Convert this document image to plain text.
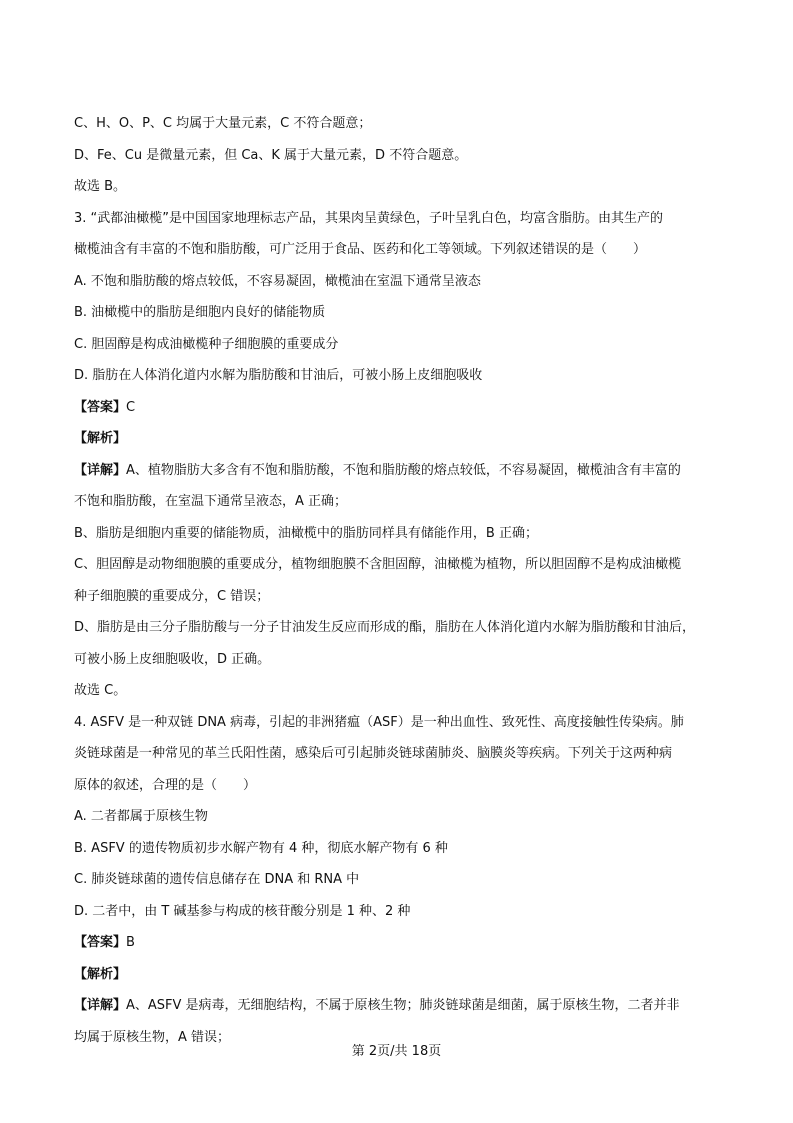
C、H、O、P、C 均属于大量元素，C 不符合题意；
D、Fe、Cu 是微量元素，但 Ca、K 属于大量元素，D 不符合题意。
故选 B。
3. “武都油橄榄”是中国国家地理标志产品，其果肉呈黄绿色，子叶呈乳白色，均富含脂肪。由其生产的
橄榄油含有丰富的不饱和脂肪酸，可广泛用于食品、医药和化工等领域。下列叙述错误的是（　　）
A. 不饱和脂肪酸的熔点较低，不容易凝固，橄榄油在室温下通常呈液态
B. 油橄榄中的脂肪是细胞内良好的储能物质
C. 胆固醇是构成油橄榄种子细胞膜的重要成分
D. 脂肪在人体消化道内水解为脂肪酸和甘油后，可被小肠上皮细胞吸收
【答案】C
【解析】
【详解】A、植物脂肪大多含有不饱和脂肪酸，不饱和脂肪酸的熔点较低，不容易凝固，橄榄油含有丰富的
不饱和脂肪酸，在室温下通常呈液态，A 正确；
B、脂肪是细胞内重要的储能物质，油橄榄中的脂肪同样具有储能作用，B 正确；
C、胆固醇是动物细胞膜的重要成分，植物细胞膜不含胆固醇，油橄榄为植物，所以胆固醇不是构成油橄榄
种子细胞膜的重要成分，C 错误；
D、脂肪是由三分子脂肪酸与一分子甘油发生反应而形成的酯，脂肪在人体消化道内水解为脂肪酸和甘油后，
可被小肠上皮细胞吸收，D 正确。
故选 C。
4. ASFV 是一种双链 DNA 病毒，引起的非洲猪瘟（ASF）是一种出血性、致死性、高度接触性传染病。肺
炎链球菌是一种常见的革兰氏阳性菌，感染后可引起肺炎链球菌肺炎、脑膜炎等疾病。下列关于这两种病
原体的叙述，合理的是（　　）
A. 二者都属于原核生物
B. ASFV 的遗传物质初步水解产物有 4 种，彻底水解产物有 6 种
C. 肺炎链球菌的遗传信息储存在 DNA 和 RNA 中
D. 二者中，由 T 碱基参与构成的核苷酸分别是 1 种、2 种
【答案】B
【解析】
【详解】A、ASFV 是病毒，无细胞结构，不属于原核生物；肺炎链球菌是细菌，属于原核生物，二者并非
均属于原核生物，A 错误；
第 2页/共 18页
